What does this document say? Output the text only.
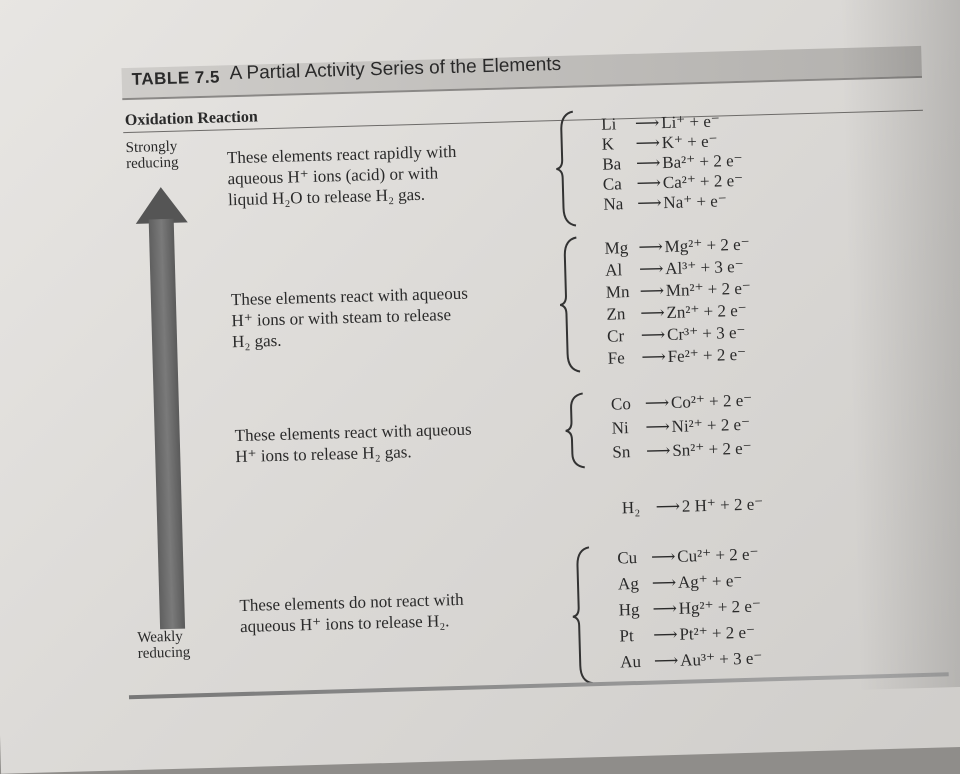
TABLE 7.5 A Partial Activity Series of the Elements
Oxidation Reaction
Strongly
reducing
Weakly
reducing
These elements react rapidly with
aqueous H⁺ ions (acid) or with
liquid H₂O to release H₂ gas.
These elements react with aqueous
H⁺ ions or with steam to release
H₂ gas.
These elements react with aqueous
H⁺ ions to release H₂ gas.
These elements do not react with
aqueous H⁺ ions to release H₂.
Li ⟶Li⁺ + e⁻
K ⟶K⁺ + e⁻
Ba ⟶Ba²⁺ + 2 e⁻
Ca ⟶Ca²⁺ + 2 e⁻
Na ⟶Na⁺ + e⁻
Mg ⟶Mg²⁺ + 2 e⁻
Al ⟶Al³⁺ + 3 e⁻
Mn ⟶Mn²⁺ + 2 e⁻
Zn ⟶Zn²⁺ + 2 e⁻
Cr ⟶Cr³⁺ + 3 e⁻
Fe ⟶Fe²⁺ + 2 e⁻
Co ⟶Co²⁺ + 2 e⁻
Ni ⟶Ni²⁺ + 2 e⁻
Sn ⟶Sn²⁺ + 2 e⁻
H₂ ⟶2 H⁺ + 2 e⁻
Cu ⟶Cu²⁺ + 2 e⁻
Ag ⟶Ag⁺ + e⁻
Hg ⟶Hg²⁺ + 2 e⁻
Pt ⟶Pt²⁺ + 2 e⁻
Au ⟶Au³⁺ + 3 e⁻
